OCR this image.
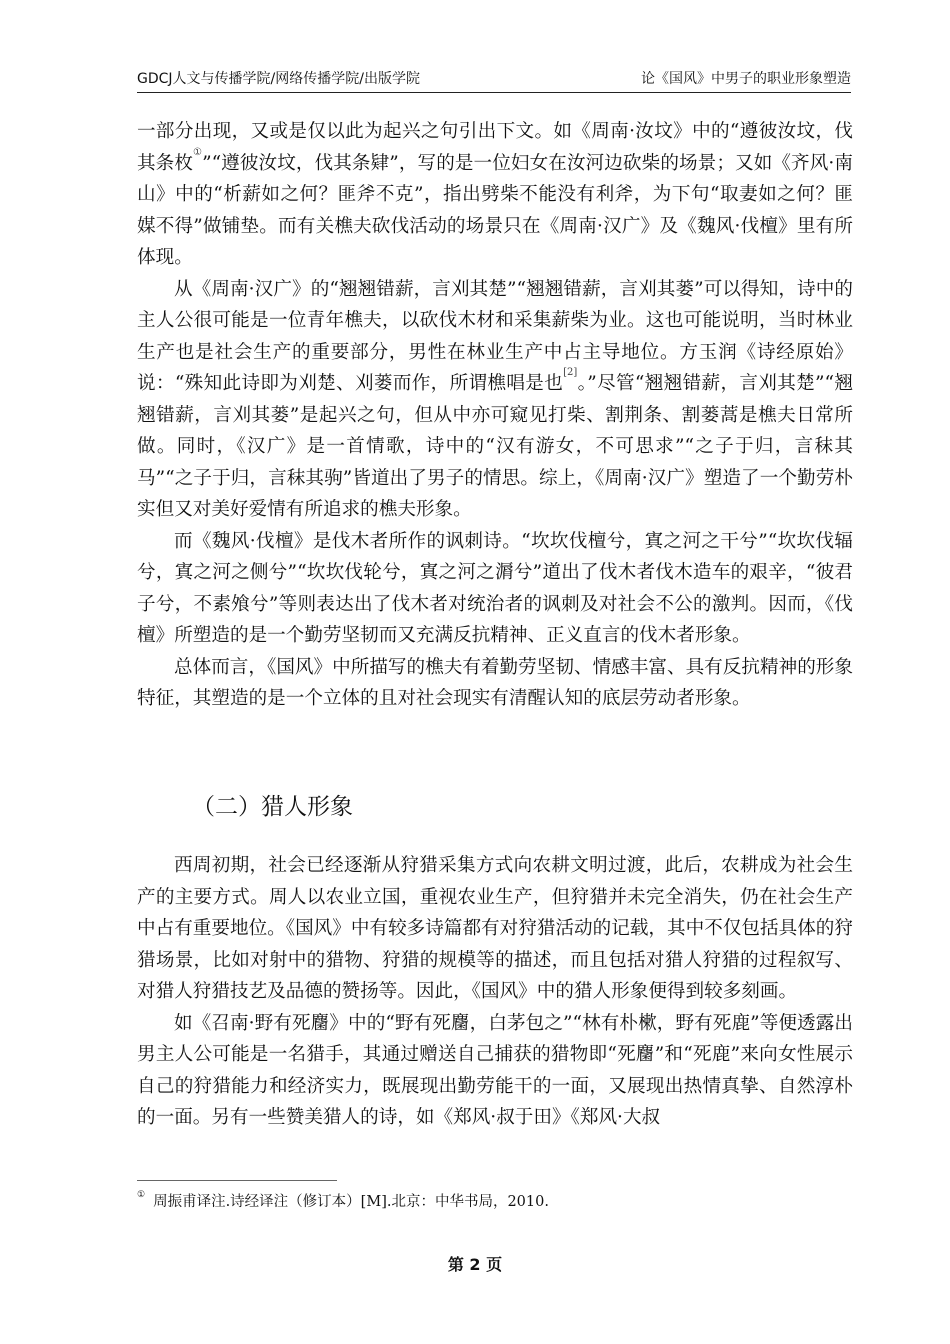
GDCJ人文与传播学院/网络传播学院/出版学院	论《国风》中男子的职业形象塑造

一部分出现，又或是仅以此为起兴之句引出下文。如《周南·汝坟》中的“遵彼汝坟，伐其条枚①”“遵彼汝坟，伐其条肄”，写的是一位妇女在汝河边砍柴的场景；又如《齐风·南山》中的“析薪如之何？匪斧不克”，指出劈柴不能没有利斧，为下句“取妻如之何？匪媒不得”做铺垫。而有关樵夫砍伐活动的场景只在《周南·汉广》及《魏风·伐檀》里有所体现。

从《周南·汉广》的“翘翘错薪，言刈其楚”“翘翘错薪，言刈其蒌”可以得知，诗中的主人公很可能是一位青年樵夫，以砍伐木材和采集薪柴为业。这也可能说明，当时林业生产也是社会生产的重要部分，男性在林业生产中占主导地位。方玉润《诗经原始》说：“殊知此诗即为刈楚、刈蒌而作，所谓樵唱是也[2]。”尽管“翘翘错薪，言刈其楚”“翘翘错薪，言刈其蒌”是起兴之句，但从中亦可窥见打柴、割荆条、割蒌蒿是樵夫日常所做。同时，《汉广》是一首情歌，诗中的“汉有游女，不可思求”“之子于归，言秣其马”“之子于归，言秣其驹”皆道出了男子的情思。综上，《周南·汉广》塑造了一个勤劳朴实但又对美好爱情有所追求的樵夫形象。

而《魏风·伐檀》是伐木者所作的讽刺诗。“坎坎伐檀兮，寘之河之干兮”“坎坎伐辐兮，寘之河之侧兮”“坎坎伐轮兮，寘之河之漘兮”道出了伐木者伐木造车的艰辛，“彼君子兮，不素飧兮”等则表达出了伐木者对统治者的讽刺及对社会不公的激判。因而，《伐檀》所塑造的是一个勤劳坚韧而又充满反抗精神、正义直言的伐木者形象。

总体而言，《国风》中所描写的樵夫有着勤劳坚韧、情感丰富、具有反抗精神的形象特征，其塑造的是一个立体的且对社会现实有清醒认知的底层劳动者形象。

（二）猎人形象

西周初期，社会已经逐渐从狩猎采集方式向农耕文明过渡，此后，农耕成为社会生产的主要方式。周人以农业立国，重视农业生产，但狩猎并未完全消失，仍在社会生产中占有重要地位。《国风》中有较多诗篇都有对狩猎活动的记载，其中不仅包括具体的狩猎场景，比如对射中的猎物、狩猎的规模等的描述，而且包括对猎人狩猎的过程叙写、对猎人狩猎技艺及品德的赞扬等。因此，《国风》中的猎人形象便得到较多刻画。

如《召南·野有死麕》中的“野有死麕，白茅包之”“林有朴樕，野有死鹿”等便透露出男主人公可能是一名猎手，其通过赠送自己捕获的猎物即“死麕”和“死鹿”来向女性展示自己的狩猎能力和经济实力，既展现出勤劳能干的一面，又展现出热情真挚、自然淳朴的一面。另有一些赞美猎人的诗，如《郑风·叔于田》《郑风·大叔

① 周振甫译注.诗经译注（修订本）[M].北京：中华书局，2010.
第 2 页
